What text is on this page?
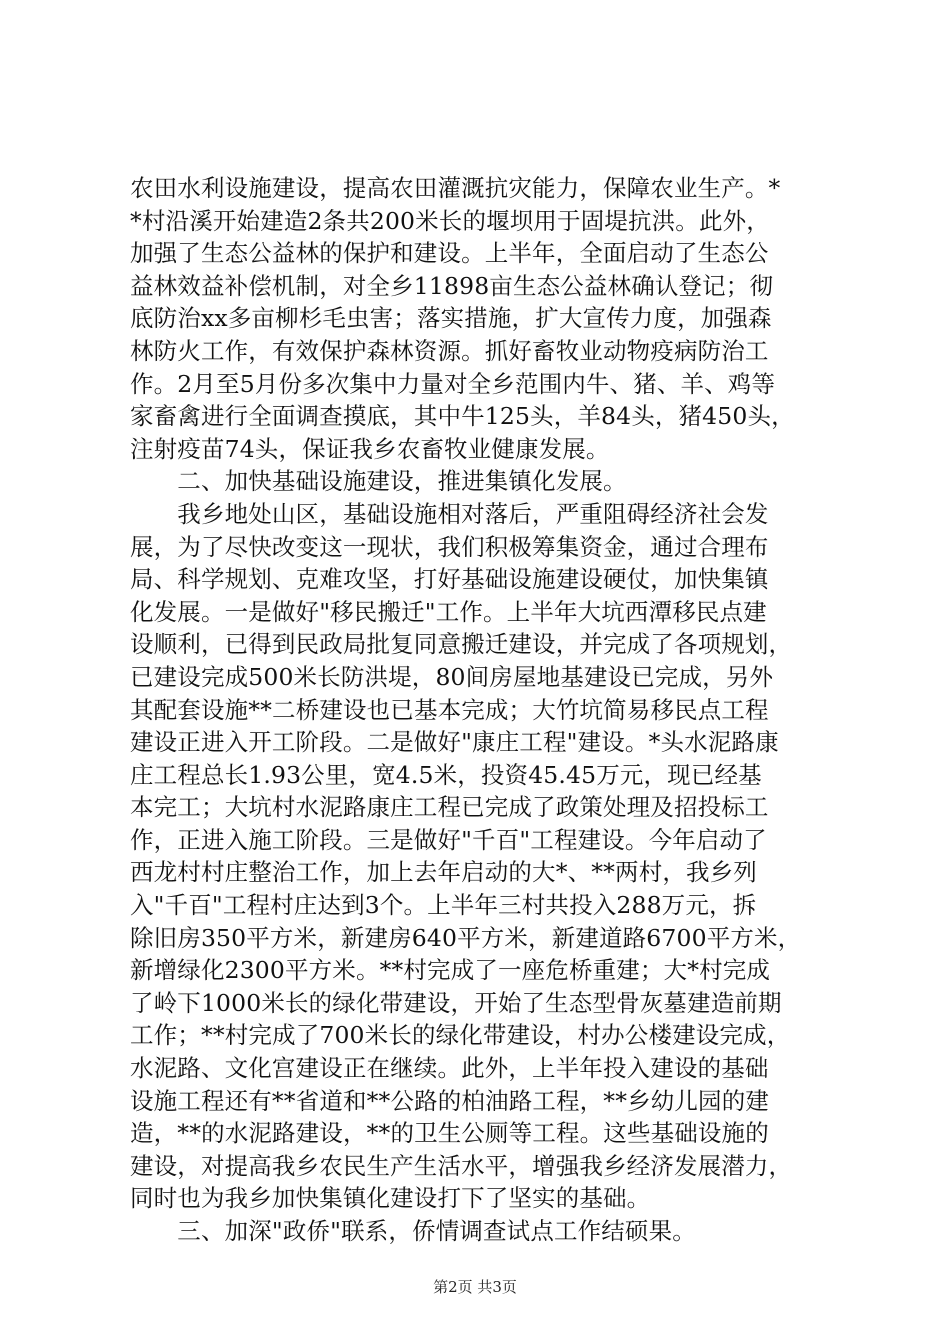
农田水利设施建设，提高农田灌溉抗灾能力，保障农业生产。*
*村沿溪开始建造2条共200米长的堰坝用于固堤抗洪。此外，
加强了生态公益林的保护和建设。上半年，全面启动了生态公
益林效益补偿机制，对全乡11898亩生态公益林确认登记；彻
底防治xx多亩柳杉毛虫害；落实措施，扩大宣传力度，加强森
林防火工作，有效保护森林资源。抓好畜牧业动物疫病防治工
作。2月至5月份多次集中力量对全乡范围内牛、猪、羊、鸡等
家畜禽进行全面调查摸底，其中牛125头，羊84头，猪450头，
注射疫苗74头，保证我乡农畜牧业健康发展。
　　二、加快基础设施建设，推进集镇化发展。
　　我乡地处山区，基础设施相对落后，严重阻碍经济社会发
展，为了尽快改变这一现状，我们积极筹集资金，通过合理布
局、科学规划、克难攻坚，打好基础设施建设硬仗，加快集镇
化发展。一是做好"移民搬迁"工作。上半年大坑西潭移民点建
设顺利，已得到民政局批复同意搬迁建设，并完成了各项规划，
已建设完成500米长防洪堤，80间房屋地基建设已完成，另外
其配套设施**二桥建设也已基本完成；大竹坑简易移民点工程
建设正进入开工阶段。二是做好"康庄工程"建设。*头水泥路康
庄工程总长1.93公里，宽4.5米，投资45.45万元，现已经基
本完工；大坑村水泥路康庄工程已完成了政策处理及招投标工
作，正进入施工阶段。三是做好"千百"工程建设。今年启动了
西龙村村庄整治工作，加上去年启动的大*、**两村，我乡列
入"千百"工程村庄达到3个。上半年三村共投入288万元，拆
除旧房350平方米，新建房640平方米，新建道路6700平方米，
新增绿化2300平方米。**村完成了一座危桥重建；大*村完成
了岭下1000米长的绿化带建设，开始了生态型骨灰墓建造前期
工作；**村完成了700米长的绿化带建设，村办公楼建设完成，
水泥路、文化宫建设正在继续。此外，上半年投入建设的基础
设施工程还有**省道和**公路的柏油路工程，**乡幼儿园的建
造，**的水泥路建设，**的卫生公厕等工程。这些基础设施的
建设，对提高我乡农民生产生活水平，增强我乡经济发展潜力，
同时也为我乡加快集镇化建设打下了坚实的基础。
　　三、加深"政侨"联系，侨情调查试点工作结硕果。
第2页 共3页
